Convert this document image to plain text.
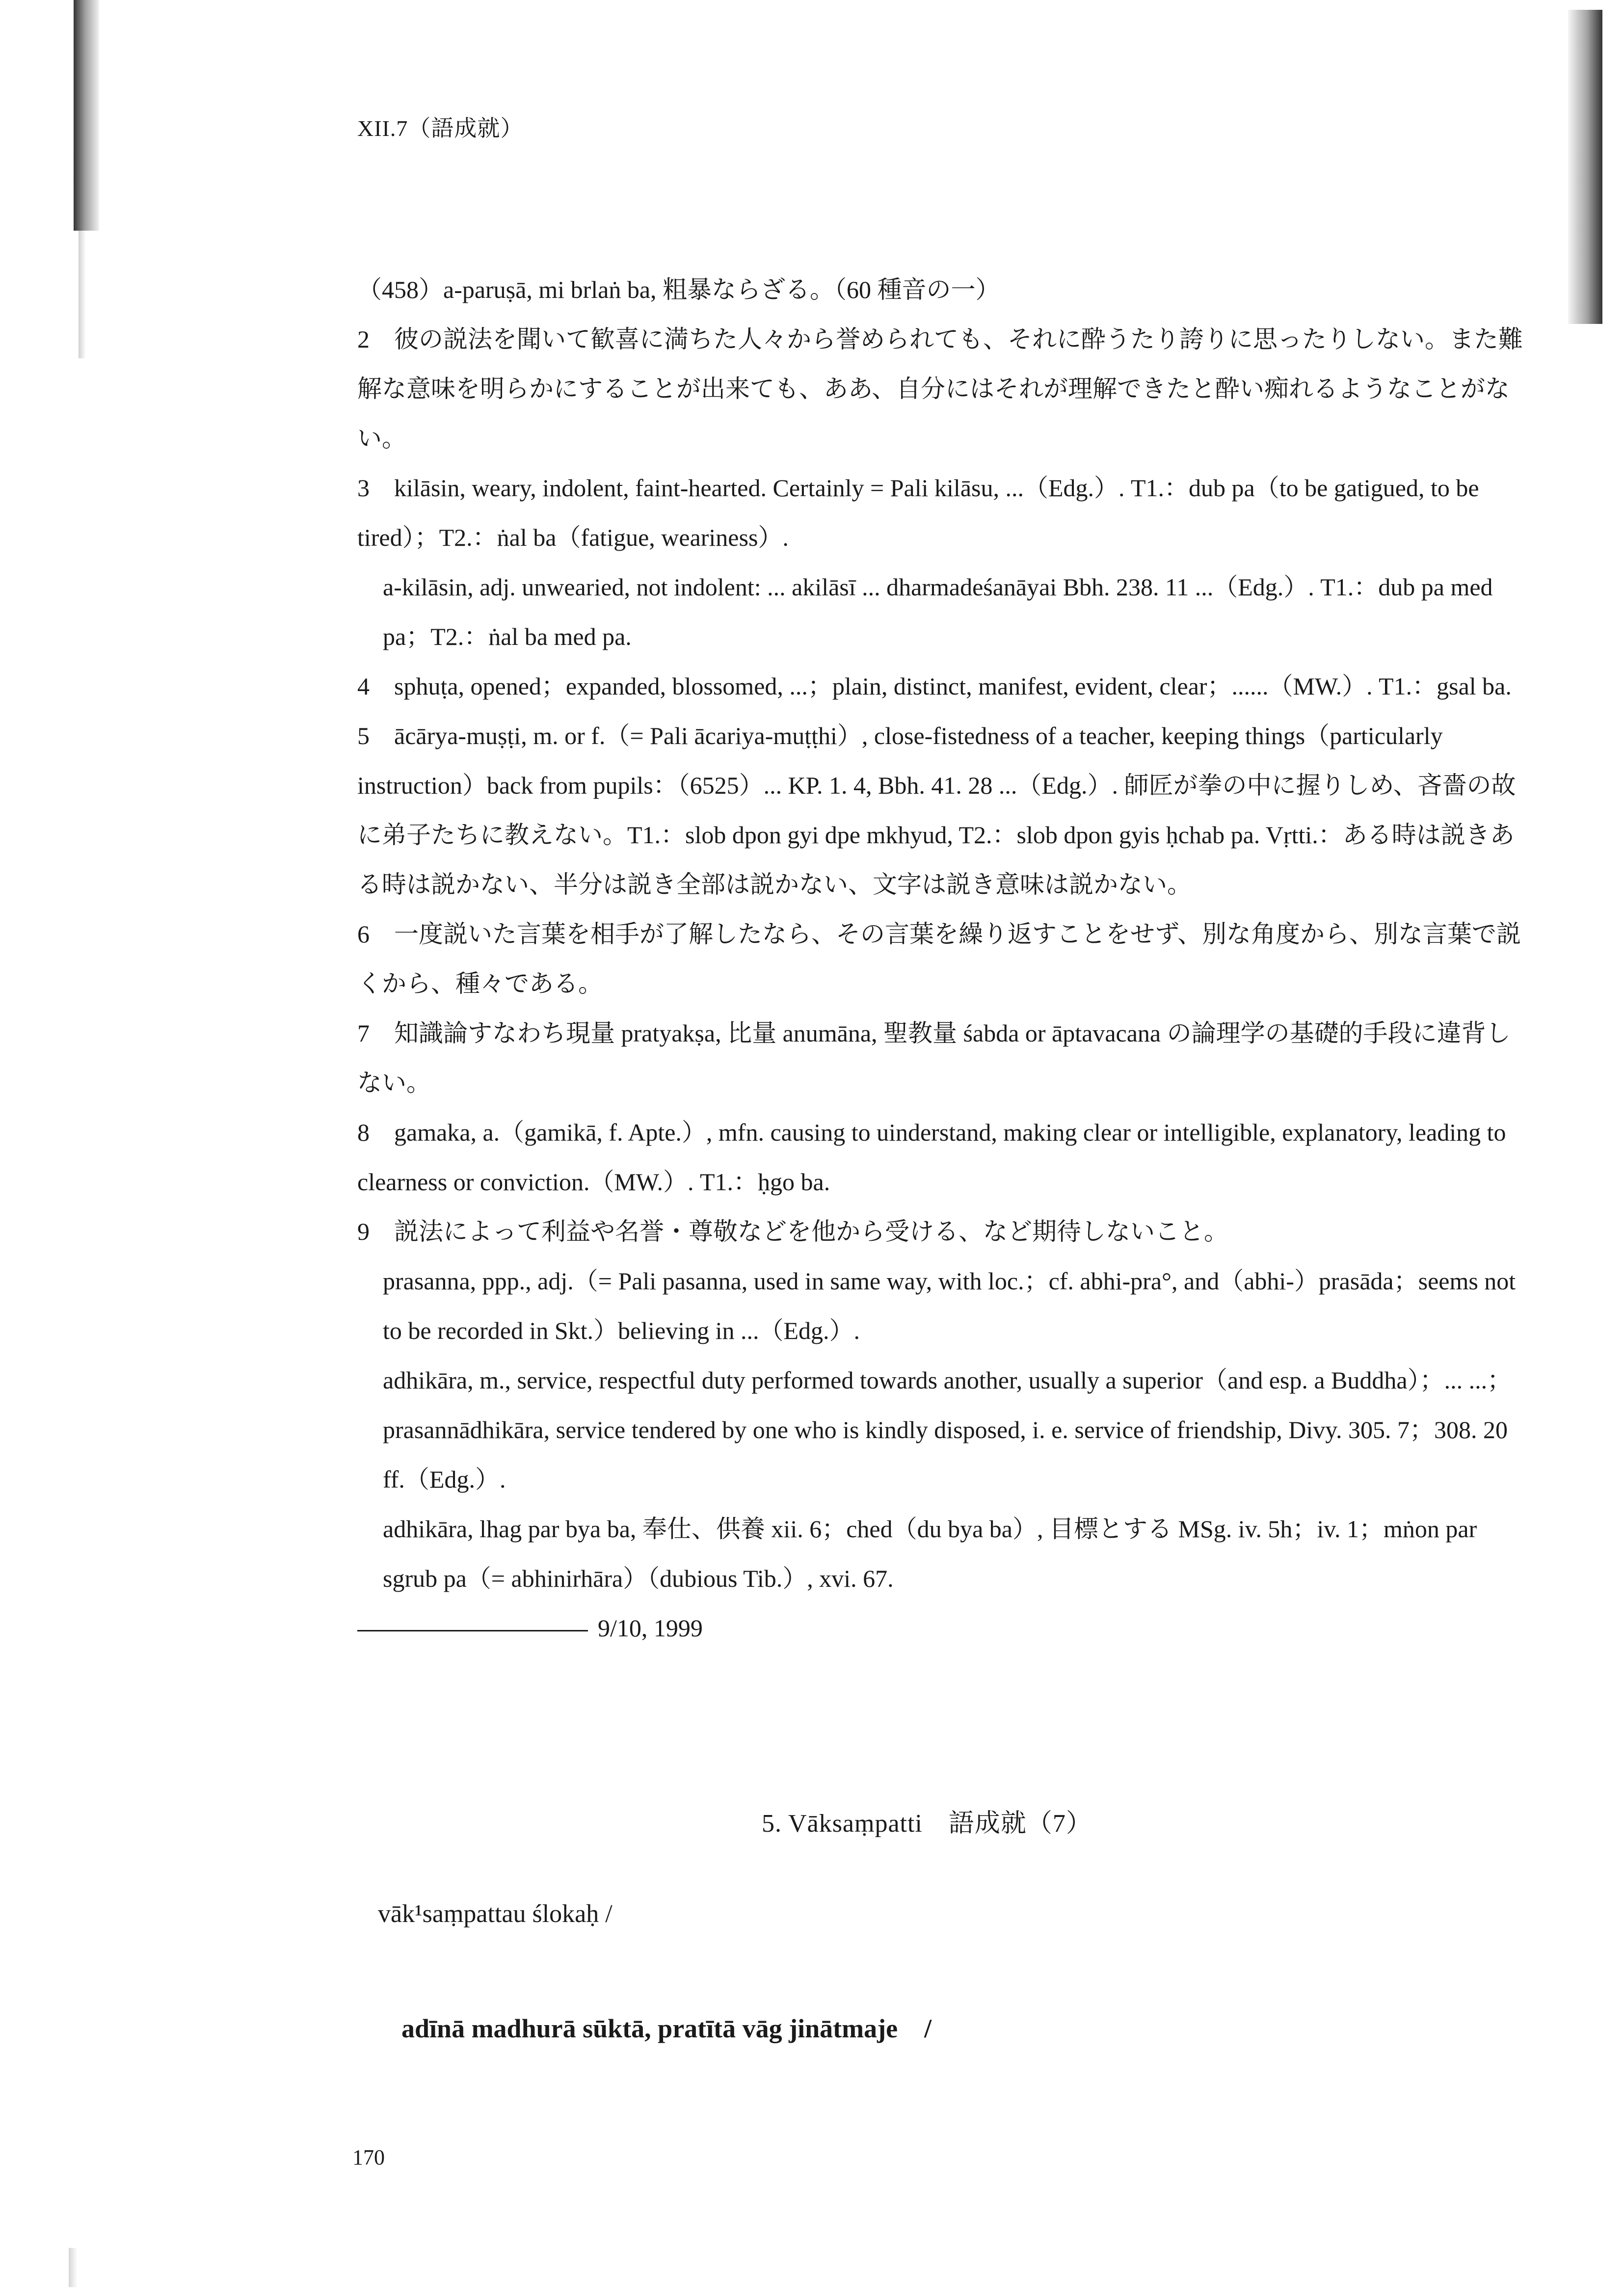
XII.7（語成就）

（458）a-paruṣā, mi brlaṅ ba, 粗暴ならざる。（60 種音の一）

2　彼の説法を聞いて歓喜に満ちた人々から誉められても、それに酔うたり誇りに思ったりしない。また難解な意味を明らかにすることが出来ても、ああ、自分にはそれが理解できたと酔い痴れるようなことがない。

3　kilāsin, weary, indolent, faint-hearted. Certainly = Pali kilāsu, ...（Edg.）. T1.：dub pa（to be gatigued, to be tired）；T2.：ṅal ba（fatigue, weariness）.

a-kilāsin, adj. unwearied, not indolent: ... akilāsī ... dharmadeśanāyai Bbh. 238. 11 ...（Edg.）. T1.：dub pa med pa；T2.：ṅal ba med pa.

4　sphuṭa, opened；expanded, blossomed, ...；plain, distinct, manifest, evident, clear；......（MW.）. T1.：gsal ba.

5　ācārya-muṣṭi, m. or f.（= Pali ācariya-muṭṭhi）, close-fistedness of a teacher, keeping things（particularly instruction）back from pupils：（6525）... KP. 1. 4, Bbh. 41. 28 ...（Edg.）. 師匠が拳の中に握りしめ、吝嗇の故に弟子たちに教えない。T1.：slob dpon gyi dpe mkhyud, T2.：slob dpon gyis ḥchab pa. Vṛtti.：ある時は説きある時は説かない、半分は説き全部は説かない、文字は説き意味は説かない。

6　一度説いた言葉を相手が了解したなら、その言葉を繰り返すことをせず、別な角度から、別な言葉で説くから、種々である。

7　知識論すなわち現量 pratyakṣa, 比量 anumāna, 聖教量 śabda or āptavacana の論理学の基礎的手段に違背しない。

8　gamaka, a.（gamikā, f. Apte.）, mfn. causing to uinderstand, making clear or intelligible, explanatory, leading to clearness or conviction.（MW.）. T1.：ḥgo ba.

9　説法によって利益や名誉・尊敬などを他から受ける、など期待しないこと。

prasanna, ppp., adj.（= Pali pasanna, used in same way, with loc.；cf. abhi-pra°, and（abhi-）prasāda；seems not to be recorded in Skt.）believing in ...（Edg.）.

adhikāra, m., service, respectful duty performed towards another, usually a superior（and esp. a Buddha）；... ...；prasannādhikāra, service tendered by one who is kindly disposed, i. e. service of friendship, Divy. 305. 7；308. 20 ff.（Edg.）.

adhikāra, lhag par bya ba, 奉仕、供養 xii. 6；ched（du bya ba）, 目標とする MSg. iv. 5h；iv. 1；mṅon par sgrub pa（= abhinirhāra）（dubious Tib.）, xvi. 67.

9/10, 1999

5. Vāksaṃpatti　語成就（7）
vāk¹saṃpattau ślokaḥ /
adīnā madhurā sūktā, pratītā vāg jinātmaje　/
170
